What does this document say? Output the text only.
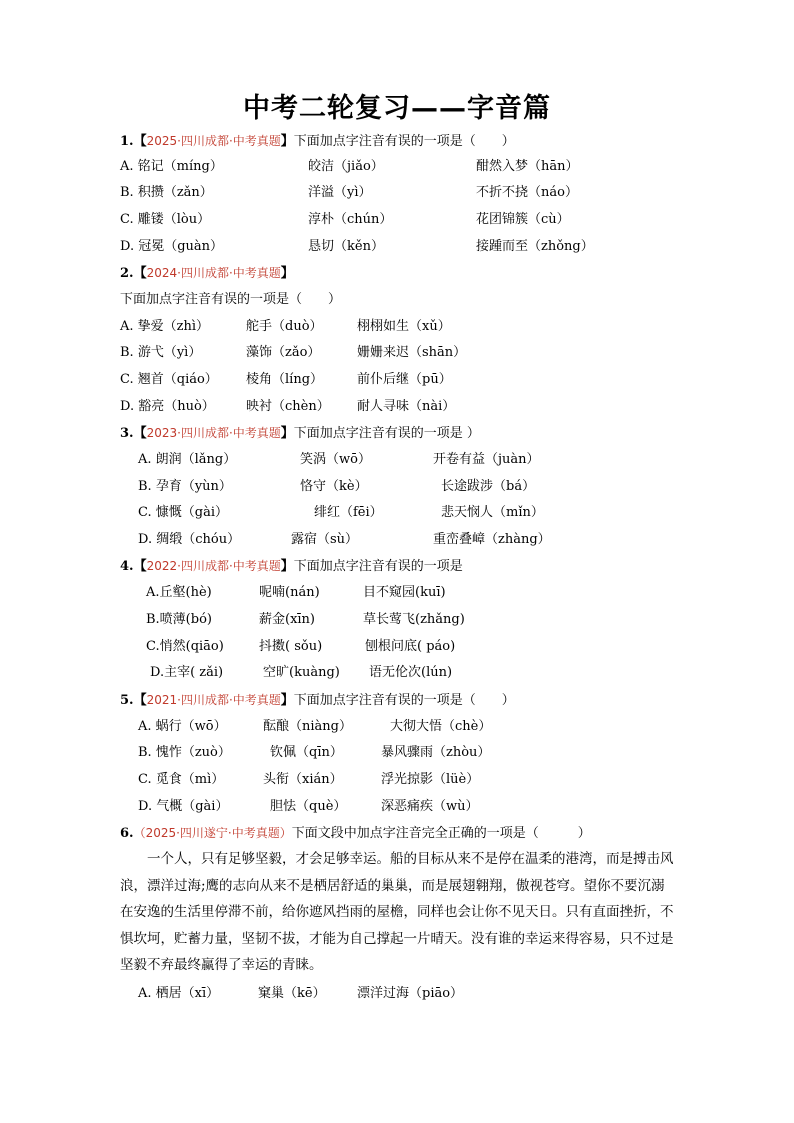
中考二轮复习——字音篇
1.【2025·四川成都·中考真题】下面加点字注音有误的一项是（　　）
A. 铭记（míng）	皎洁（jiǎo）	酣然入梦（hān）
B. 积攒（zǎn）	洋溢（yì）	不折不挠（náo）
C. 雕镂（lòu）	淳朴（chún）	花团锦簇（cù）
D. 冠冕（guàn）	恳切（kěn）	接踵而至（zhǒng）
2.【2024·四川成都·中考真题】
下面加点字注音有误的一项是（　　）
A. 挚爱（zhì）	舵手（duò）	栩栩如生（xǔ）
B. 游弋（yì）	藻饰（zǎo）	姗姗来迟（shān）
C. 翘首（qiáo） 棱角（líng）	前仆后继（pū）
D. 豁亮（huò） 映衬（chèn） 耐人寻味（nài）
3.【2023·四川成都·中考真题】下面加点字注音有误的一项是 ）
A. 朗润（lǎng）	笑涡（wō）	开卷有益（juàn）
B. 孕育（yùn）	恪守（kè）	长途跋涉（bá）
C. 慷慨（gài）	绯红（fēi）	悲天悯人（mǐn）
D. 绸缎（chóu）	露宿（sù）	重峦叠嶂（zhàng）
4.【2022·四川成都·中考真题】下面加点字注音有误的一项是
A.丘壑(hè)	呢喃(nán)	目不窥园(kuī)
B.喷薄(bó)	薪金(xīn)	草长莺飞(zhǎng)
C.悄然(qiāo)	抖擞( sǒu)	刨根问底( páo)
D.主宰( zǎi)	空旷(kuàng) 语无伦次(lún)
5.【2021·四川成都·中考真题】下面加点字注音有误的一项是（　　）
A. 蜗行（wō）	酝酿（niàng）	大彻大悟（chè）
B. 愧怍（zuò）	钦佩（qīn）	暴风骤雨（zhòu）
C. 觅食（mì）	头衔（xián）	浮光掠影（lüè）
D. 气概（gài）	胆怯（què）	深恶痛疾（wù）
6.（2025·四川遂宁·中考真题）下面文段中加点字注音完全正确的一项是（　　　）
一个人，只有足够坚毅，才会足够幸运。船的目标从来不是停在温柔的港湾，而是搏击风浪，漂洋过海;鹰的志向从来不是栖居舒适的巢巢，而是展翅翱翔，傲视苍穹。望你不要沉溺在安逸的生活里停滞不前，给你遮风挡雨的屋檐，同样也会让你不见天日。只有直面挫折，不惧坎坷，贮蓄力量，坚韧不拔，才能为自己撑起一片晴天。没有谁的幸运来得容易，只不过是坚毅不弃最终赢得了幸运的青睐。
A. 栖居（xī）	窠巢（kē） 漂洋过海（piāo）
